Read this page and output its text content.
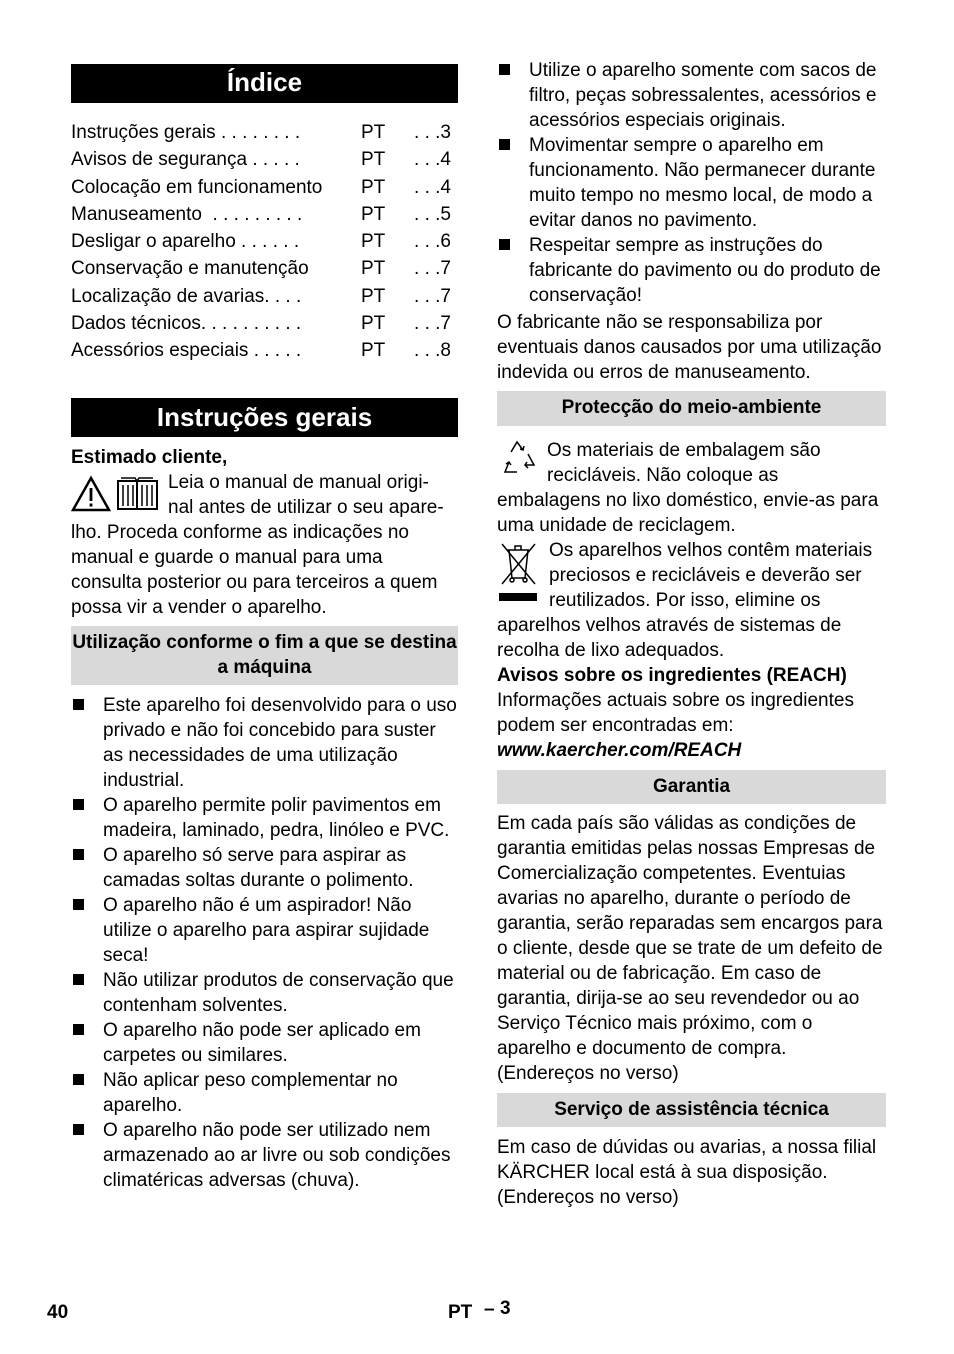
Índice
Instruções gerais . . . . . . . .	PT	. . .3
Avisos de segurança . . . . .	PT	. . .4
Colocação em funcionamento	PT	. . .4
Manuseamento  . . . . . . . . .	PT	. . .5
Desligar o aparelho . . . . . .	PT	. . .6
Conservação e manutenção	PT	. . .7
Localização de avarias. . . .	PT	. . .7
Dados técnicos. . . . . . . . . .	PT	. . .7
Acessórios especiais . . . . .	PT	. . .8
Instruções gerais

Estimado cliente,

Leia o manual de manual origi-

nal antes de utilizar o seu apare-

lho. Proceda conforme as indicações no manual e guarde o manual para uma consulta posterior ou para terceiros a quem possa vir a vender o aparelho.

Utilização conforme o fim a que se destina a máquina
Este aparelho foi desenvolvido para o uso privado e não foi concebido para suster as necessidades de uma utilização industrial.
O aparelho permite polir pavimentos em madeira, laminado, pedra, linóleo e PVC.
O aparelho só serve para aspirar as camadas soltas durante o polimento.
O aparelho não é um aspirador! Não utilize o aparelho para aspirar sujidade seca!
Não utilizar produtos de conservação que contenham solventes.
O aparelho não pode ser aplicado em carpetes ou similares.
Não aplicar peso complementar no aparelho.
O aparelho não pode ser utilizado nem armazenado ao ar livre ou sob condições climatéricas adversas (chuva).
Utilize o aparelho somente com sacos de filtro, peças sobressalentes, acessórios e acessórios especiais originais.
Movimentar sempre o aparelho em funcionamento. Não permanecer durante muito tempo no mesmo local, de modo a evitar danos no pavimento.
Respeitar sempre as instruções do fabricante do pavimento ou do produto de conservação!

O fabricante não se responsabiliza por eventuais danos causados por uma utilização indevida ou erros de manuseamento.

Protecção do meio-ambiente

Os materiais de embalagem são recicláveis. Não coloque as embalagens no lixo doméstico, envie-as para uma unidade de reciclagem.

Os aparelhos velhos contêm materiais preciosos e recicláveis e deverão ser reutilizados. Por isso, elimine os aparelhos velhos através de sistemas de recolha de lixo adequados.

Avisos sobre os ingredientes (REACH)

Informações actuais sobre os ingredientes podem ser encontradas em:

www.kaercher.com/REACH

Garantia

Em cada país são válidas as condições de garantia emitidas pelas nossas Empresas de Comercialização competentes. Eventuias avarias no aparelho, durante o período de garantia, serão reparadas sem encargos para o cliente, desde que se trate de um defeito de material ou de fabricação. Em caso de garantia, dirija-se ao seu revendedor ou ao Serviço Técnico mais próximo, com o aparelho e documento de compra.

(Endereços no verso)

Serviço de assistência técnica

Em caso de dúvidas ou avarias, a nossa filial KÄRCHER local está à sua disposição.

(Endereços no verso)

40	PT – 3
